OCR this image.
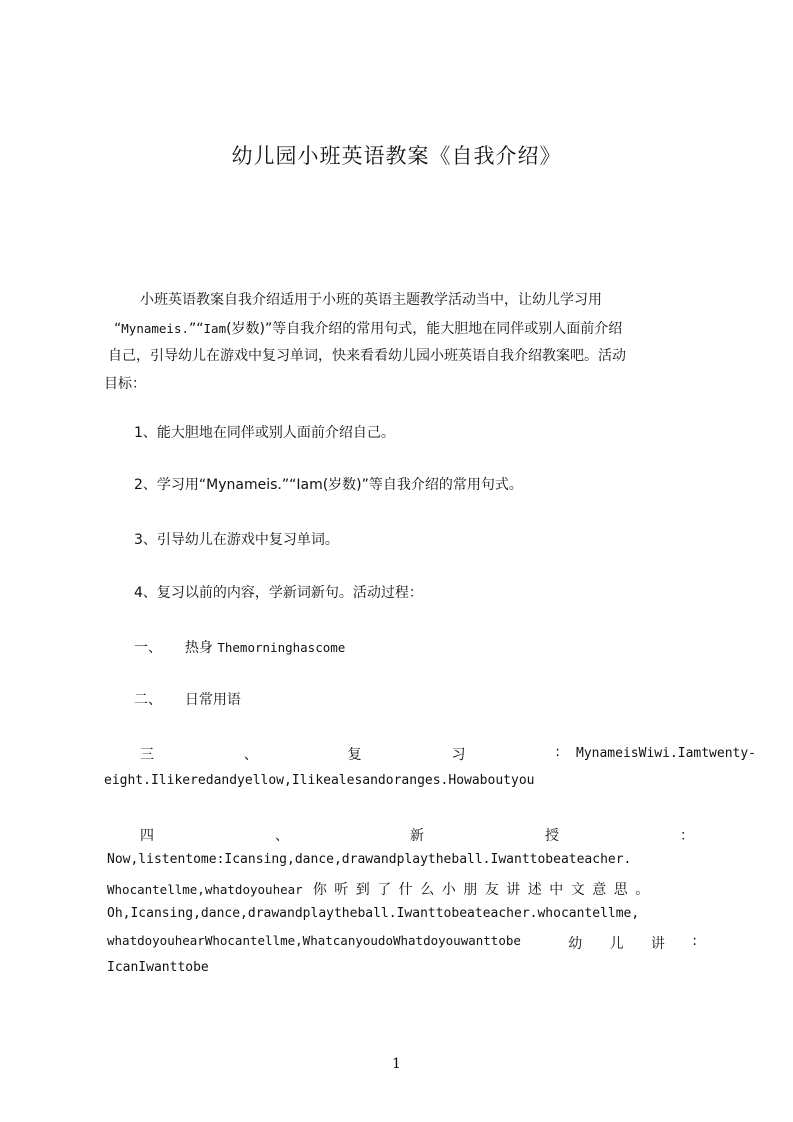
幼儿园小班英语教案《自我介绍》
小班英语教案自我介绍适用于小班的英语主题教学活动当中，让幼儿学习用
“Mynameis.”“Iam(岁数)”等自我介绍的常用句式，能大胆地在同伴或别人面前介绍
自己，引导幼儿在游戏中复习单词，快来看看幼儿园小班英语自我介绍教案吧。活动
目标：
1、能大胆地在同伴或别人面前介绍自己。
2、学习用“Mynameis.”“Iam(岁数)”等自我介绍的常用句式。
3、引导幼儿在游戏中复习单词。
4、复习以前的内容，学新词新句。活动过程：
一、 热身 Themorninghascome
二、 日常用语
三	、	复	习	: MynameisWiwi.Iamtwenty-
eight.Ilikeredandyellow,Ilikealesandoranges.Howaboutyou
四	、	新	授	：
Now,listentome:Icansing,dance,drawandplaytheball.Iwanttobeateacher.
Whocantellme,whatdoyouhear 你听到了什么小朋友讲述中文意思。
Oh,Icansing,dance,drawandplaytheball.Iwanttobeateacher.whocantellme,
whatdoyouhearWhocantellme,WhatcanyoudoWhatdoyouwanttobe	幼 儿 讲 :
IcanIwanttobe
1
